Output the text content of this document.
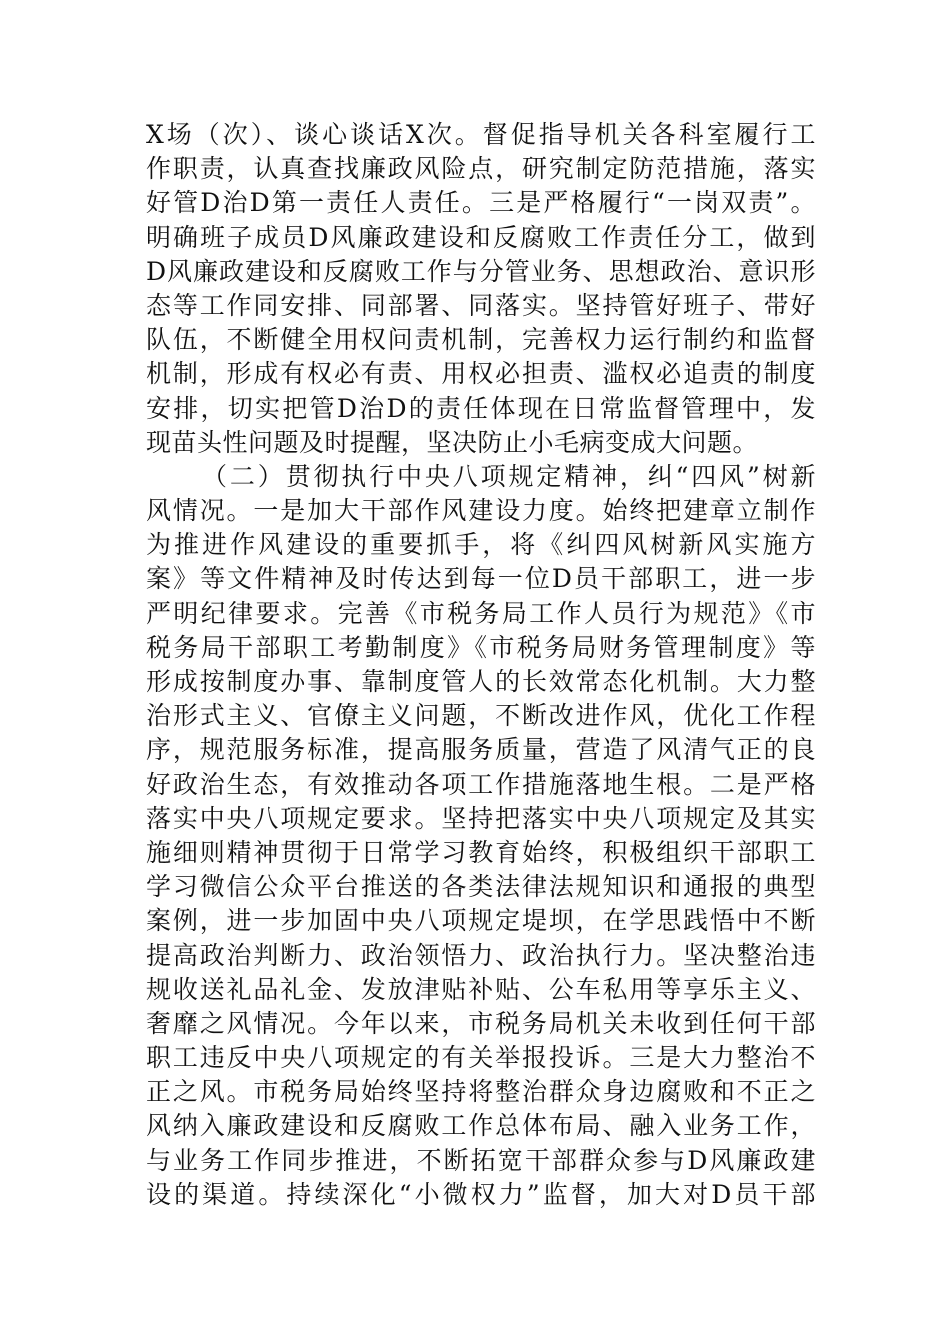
X场（次）、谈心谈话X次。督促指导机关各科室履行工
作职责，认真查找廉政风险点，研究制定防范措施，落实
好管D治D第一责任人责任。三是严格履行“一岗双责”。
明确班子成员D风廉政建设和反腐败工作责任分工，做到
D风廉政建设和反腐败工作与分管业务、思想政治、意识形
态等工作同安排、同部署、同落实。坚持管好班子、带好
队伍，不断健全用权问责机制，完善权力运行制约和监督
机制，形成有权必有责、用权必担责、滥权必追责的制度
安排，切实把管D治D的责任体现在日常监督管理中，发
现苗头性问题及时提醒，坚决防止小毛病变成大问题。
（二）贯彻执行中央八项规定精神，纠“四风”树新
风情况。一是加大干部作风建设力度。始终把建章立制作
为推进作风建设的重要抓手，将《纠四风树新风实施方
案》等文件精神及时传达到每一位D员干部职工，进一步
严明纪律要求。完善《市税务局工作人员行为规范》《市
税务局干部职工考勤制度》《市税务局财务管理制度》等
形成按制度办事、靠制度管人的长效常态化机制。大力整
治形式主义、官僚主义问题，不断改进作风，优化工作程
序，规范服务标准，提高服务质量，营造了风清气正的良
好政治生态，有效推动各项工作措施落地生根。二是严格
落实中央八项规定要求。坚持把落实中央八项规定及其实
施细则精神贯彻于日常学习教育始终，积极组织干部职工
学习微信公众平台推送的各类法律法规知识和通报的典型
案例，进一步加固中央八项规定堤坝，在学思践悟中不断
提高政治判断力、政治领悟力、政治执行力。坚决整治违
规收送礼品礼金、发放津贴补贴、公车私用等享乐主义、
奢靡之风情况。今年以来，市税务局机关未收到任何干部
职工违反中央八项规定的有关举报投诉。三是大力整治不
正之风。市税务局始终坚持将整治群众身边腐败和不正之
风纳入廉政建设和反腐败工作总体布局、融入业务工作，
与业务工作同步推进，不断拓宽干部群众参与D风廉政建
设的渠道。持续深化“小微权力”监督，加大对D员干部
